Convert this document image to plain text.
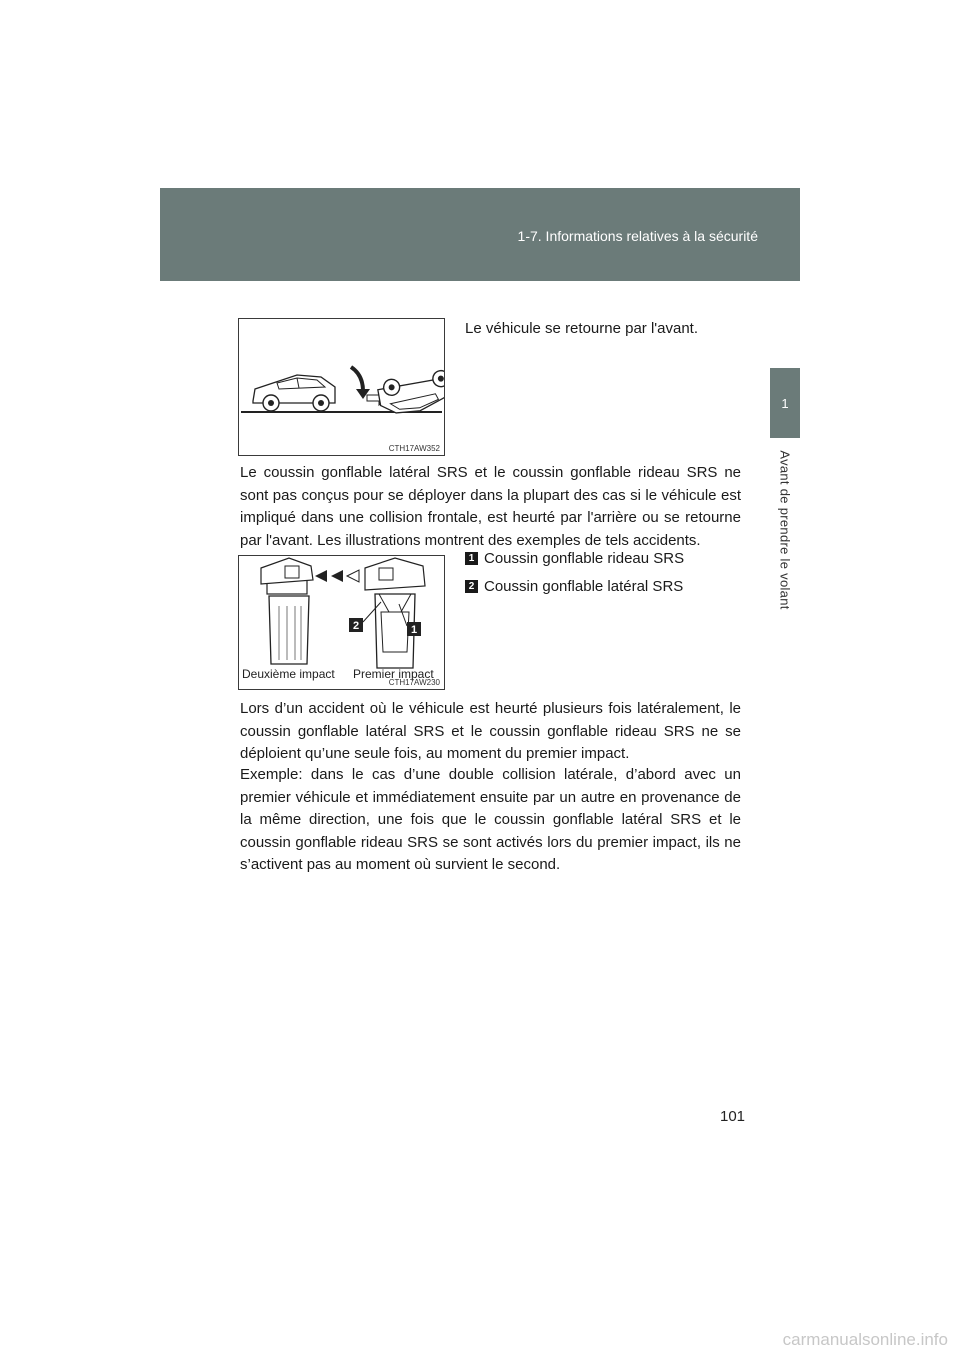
1-7. Informations relatives à la sécurité
1
Avant de prendre le volant
CTH17AW352
Le véhicule se retourne par l'avant.
Le coussin gonflable latéral SRS et le coussin gonflable rideau SRS ne sont pas conçus pour se déployer dans la plupart des cas si le véhicule est impliqué dans une collision frontale, est heurté par l'arrière ou se retourne par l'avant. Les illustrations montrent des exemples de tels accidents.
2	1
Deuxième impact Premier impact
CTH17AW230
1 Coussin gonflable rideau SRS
2 Coussin gonflable latéral SRS
Lors d’un accident où le véhicule est heurté plusieurs fois latéralement, le coussin gonflable latéral SRS et le coussin gonflable rideau SRS ne se déploient qu’une seule fois, au moment du premier impact.
Exemple: dans le cas d’une double collision latérale, d’abord avec un premier véhicule et immédiatement ensuite par un autre en provenance de la même direction, une fois que le coussin gonflable latéral SRS et le coussin gonflable rideau SRS se sont activés lors du premier impact, ils ne s’activent pas au moment où survient le second.
101
carmanualsonline.info
